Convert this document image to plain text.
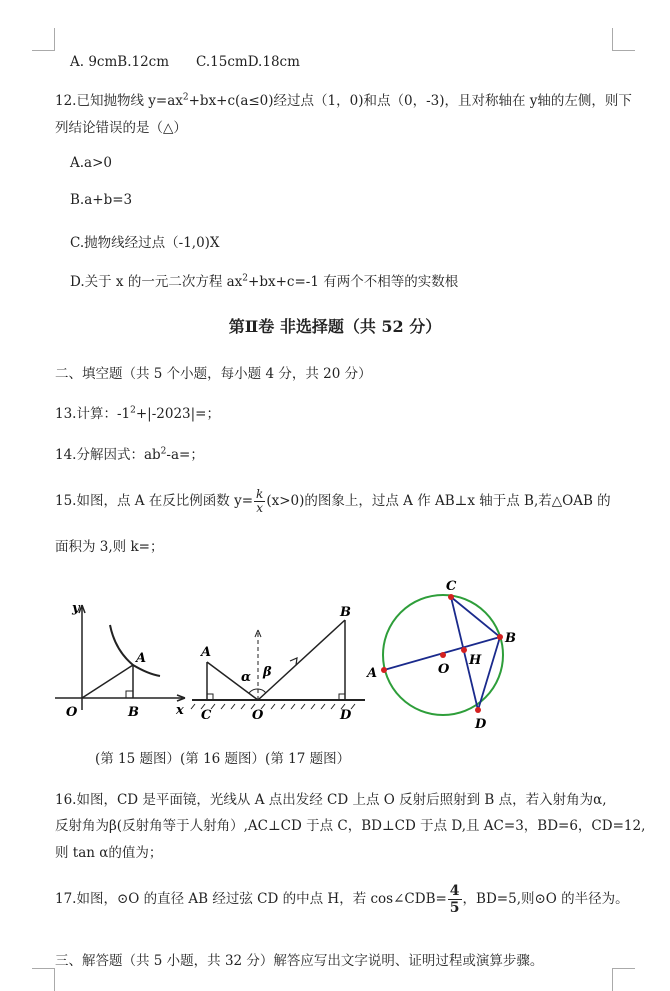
A. 9cmB.12cm　　C.15cmD.18cm
12.已知抛物线 $y=ax^2+bx+c(a\le 0)$经过点（1，0)和点（0，-3)，且对称轴在 y轴的左侧，则下
列结论错误的是（△）
A.a>0
B.a+b=3
C.抛物线经过点（-1,0)X
D.关于 x 的一元二次方程 $ax^2+bx+c=-1$ 有两个不相等的实数根
第Ⅱ卷 非选择题（共 52 分）
二、填空题（共 5 个小题，每小题 4 分，共 20 分）
13.计算：$-1^2+|-2023|=$；
14.分解因式：$ab^2-a=$；
15.如图，点 A 在反比例函数 $y= \frac{k}{x} (x>0)$的图象上，过点 A 作 AB⊥x 轴于点 B,若△OAB 的
面积为 3,则 k=；
y
x
O
A
B
A
B
C	O	D
α β
C
B
D
A	O
H
(第 15 题图）(第 16 题图）(第 17 题图）
16.如图，CD 是平面镜，光线从 A 点出发经 CD 上点 O 反射后照射到 B 点，若入射角为α,
反射角为β(反射角等于人射角）,AC⊥CD 于点 C，BD⊥CD 于点 D,且 AC=3，BD=6，CD=12,
则 tan α的值为；
17.如图，⊙O 的直径 AB 经过弦 CD 的中点 H，若 cos∠CDB= $\frac{4}{5}$ ，BD=5,则⊙O 的半径为。
三、解答题（共 5 小题，共 32 分）解答应写出文字说明、证明过程或演算步骤。
